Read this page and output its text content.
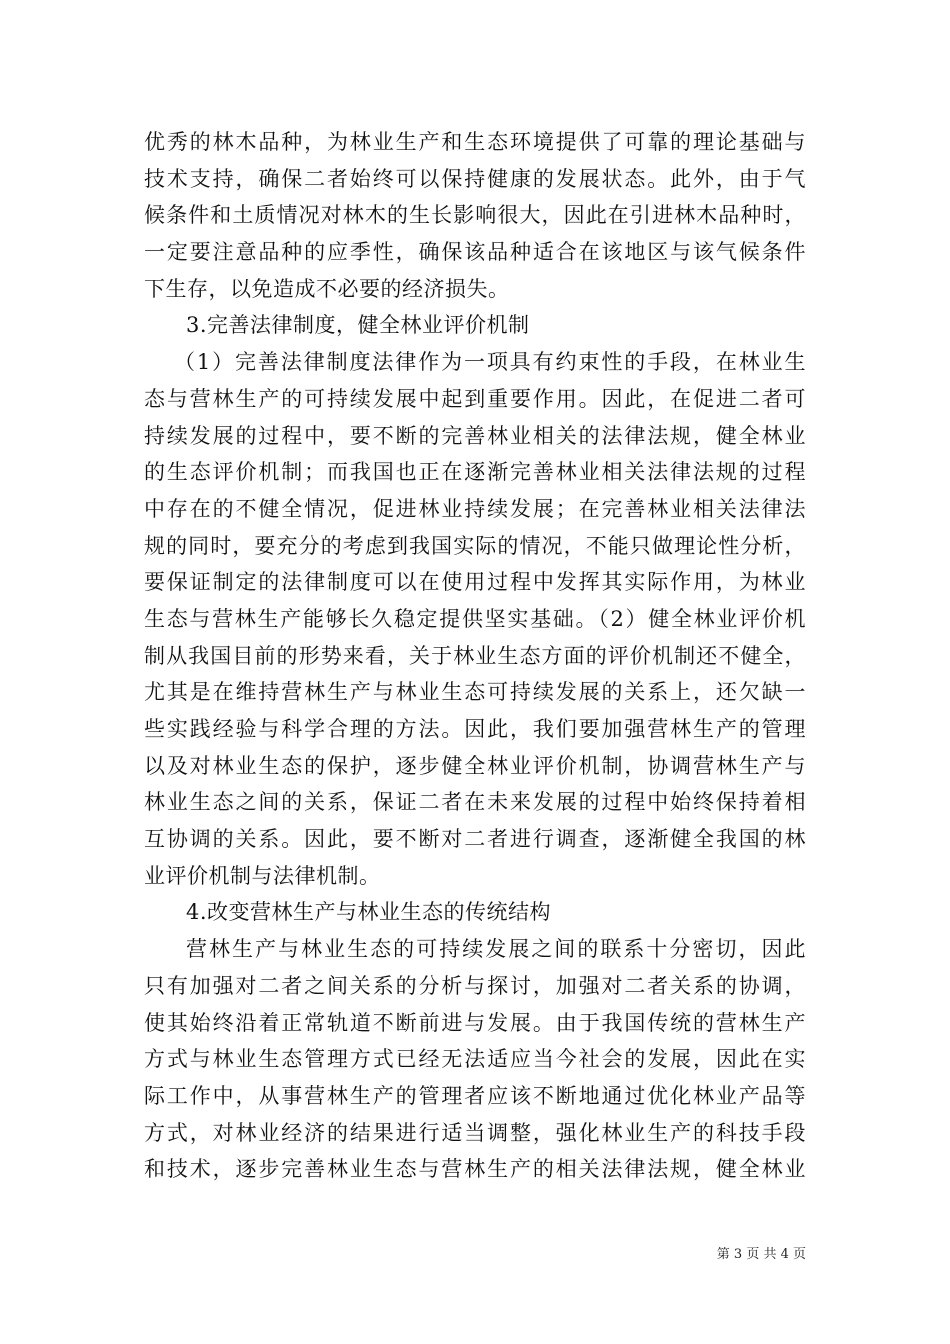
优秀的林木品种，为林业生产和生态环境提供了可靠的理论基础与
技术支持，确保二者始终可以保持健康的发展状态。此外，由于气
候条件和土质情况对林木的生长影响很大，因此在引进林木品种时，
一定要注意品种的应季性，确保该品种适合在该地区与该气候条件
下生存，以免造成不必要的经济损失。
3.完善法律制度，健全林业评价机制
（1）完善法律制度法律作为一项具有约束性的手段，在林业生
态与营林生产的可持续发展中起到重要作用。因此，在促进二者可
持续发展的过程中，要不断的完善林业相关的法律法规，健全林业
的生态评价机制；而我国也正在逐渐完善林业相关法律法规的过程
中存在的不健全情况，促进林业持续发展；在完善林业相关法律法
规的同时，要充分的考虑到我国实际的情况，不能只做理论性分析，
要保证制定的法律制度可以在使用过程中发挥其实际作用，为林业
生态与营林生产能够长久稳定提供坚实基础。（2）健全林业评价机
制从我国目前的形势来看，关于林业生态方面的评价机制还不健全，
尤其是在维持营林生产与林业生态可持续发展的关系上，还欠缺一
些实践经验与科学合理的方法。因此，我们要加强营林生产的管理
以及对林业生态的保护，逐步健全林业评价机制，协调营林生产与
林业生态之间的关系，保证二者在未来发展的过程中始终保持着相
互协调的关系。因此，要不断对二者进行调查，逐渐健全我国的林
业评价机制与法律机制。
4.改变营林生产与林业生态的传统结构
营林生产与林业生态的可持续发展之间的联系十分密切，因此
只有加强对二者之间关系的分析与探讨，加强对二者关系的协调，
使其始终沿着正常轨道不断前进与发展。由于我国传统的营林生产
方式与林业生态管理方式已经无法适应当今社会的发展，因此在实
际工作中，从事营林生产的管理者应该不断地通过优化林业产品等
方式，对林业经济的结果进行适当调整，强化林业生产的科技手段
和技术，逐步完善林业生态与营林生产的相关法律法规，健全林业
第 3 页 共 4 页
